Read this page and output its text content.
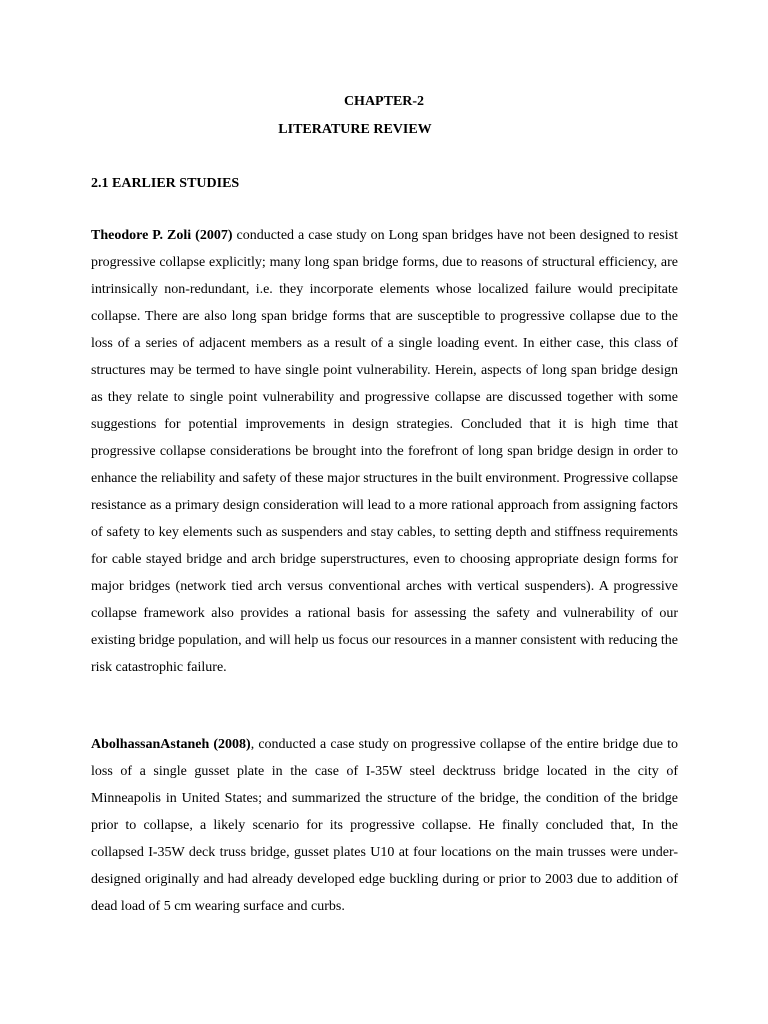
CHAPTER-2
LITERATURE REVIEW
2.1 EARLIER STUDIES

Theodore P. Zoli (2007) conducted a case study on Long span bridges have not been designed to resist progressive collapse explicitly; many long span bridge forms, due to reasons of structural efficiency, are intrinsically non-redundant, i.e. they incorporate elements whose localized failure would precipitate collapse. There are also long span bridge forms that are susceptible to progressive collapse due to the loss of a series of adjacent members as a result of a single loading event. In either case, this class of structures may be termed to have single point vulnerability. Herein, aspects of long span bridge design as they relate to single point vulnerability and progressive collapse are discussed together with some suggestions for potential improvements in design strategies. Concluded that it is high time that progressive collapse considerations be brought into the forefront of long span bridge design in order to enhance the reliability and safety of these major structures in the built environment. Progressive collapse resistance as a primary design consideration will lead to a more rational approach from assigning factors of safety to key elements such as suspenders and stay cables, to setting depth and stiffness requirements for cable stayed bridge and arch bridge superstructures, even to choosing appropriate design forms for major bridges (network tied arch versus conventional arches with vertical suspenders). A progressive collapse framework also provides a rational basis for assessing the safety and vulnerability of our existing bridge population, and will help us focus our resources in a manner consistent with reducing the risk catastrophic failure.

AbolhassanAstaneh (2008), conducted a case study on progressive collapse of the entire bridge due to loss of a single gusset plate in the case of I-35W steel decktruss bridge located in the city of Minneapolis in United States; and summarized the structure of the bridge, the condition of the bridge prior to collapse, a likely scenario for its progressive collapse. He finally concluded that, In the collapsed I-35W deck truss bridge, gusset plates U10 at four locations on the main trusses were under-designed originally and had already developed edge buckling during or prior to 2003 due to addition of dead load of 5 cm wearing surface and curbs.
